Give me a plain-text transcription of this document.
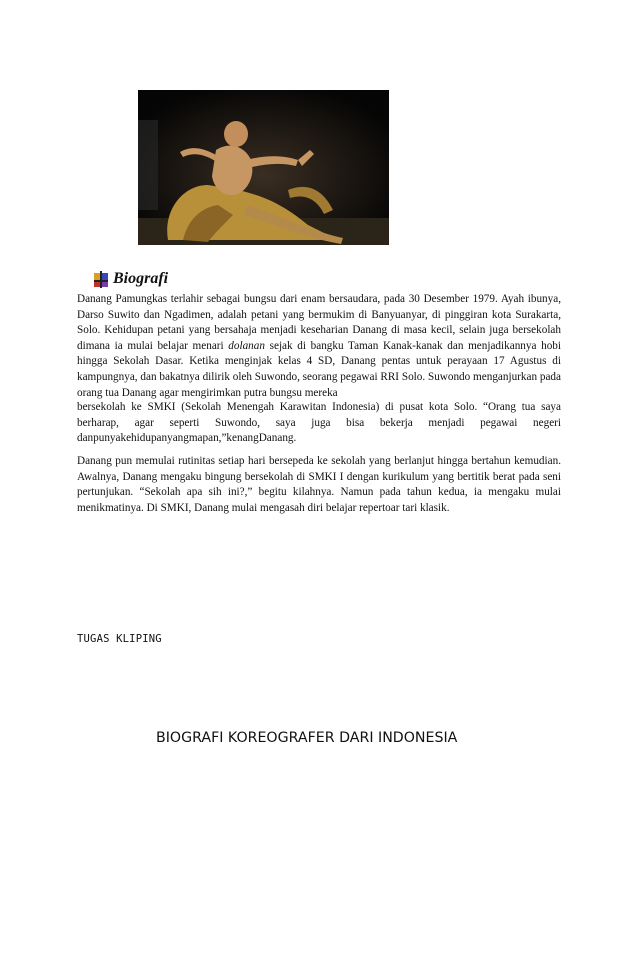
Biografi

Danang Pamungkas terlahir sebagai bungsu dari enam bersaudara, pada 30 Desember 1979. Ayah ibunya, Darso Suwito dan Ngadimen, adalah petani yang bermukim di Banyuanyar, di pinggiran kota Surakarta, Solo. Kehidupan petani yang bersahaja menjadi keseharian Danang di masa kecil, selain juga bersekolah dimana ia mulai belajar menari dolanan sejak di bangku Taman Kanak-kanak dan menjadikannya hobi hingga Sekolah Dasar. Ketika menginjak kelas 4 SD, Danang pentas untuk perayaan 17 Agustus di kampungnya, dan bakatnya dilirik oleh Suwondo, seorang pegawai RRI Solo. Suwondo menganjurkan pada orang tua Danang agar mengirimkan putra bungsu mereka

bersekolah ke SMKI (Sekolah Menengah Karawitan Indonesia) di pusat kota Solo. “Orang tua saya berharap, agar seperti Suwondo, saya juga bisa bekerja menjadi pegawai negeri danpunyakehidupanyangmapan,”kenangDanang.

Danang pun memulai rutinitas setiap hari bersepeda ke sekolah yang berlanjut hingga bertahun kemudian. Awalnya, Danang mengaku bingung bersekolah di SMKI I dengan kurikulum yang bertitik berat pada seni pertunjukan. “Sekolah apa sih ini?,” begitu kilahnya. Namun pada tahun kedua, ia mengaku mulai menikmatinya. Di SMKI, Danang mulai mengasah diri belajar repertoar tari klasik.

TUGAS KLIPING
BIOGRAFI KOREOGRAFER DARI INDONESIA
